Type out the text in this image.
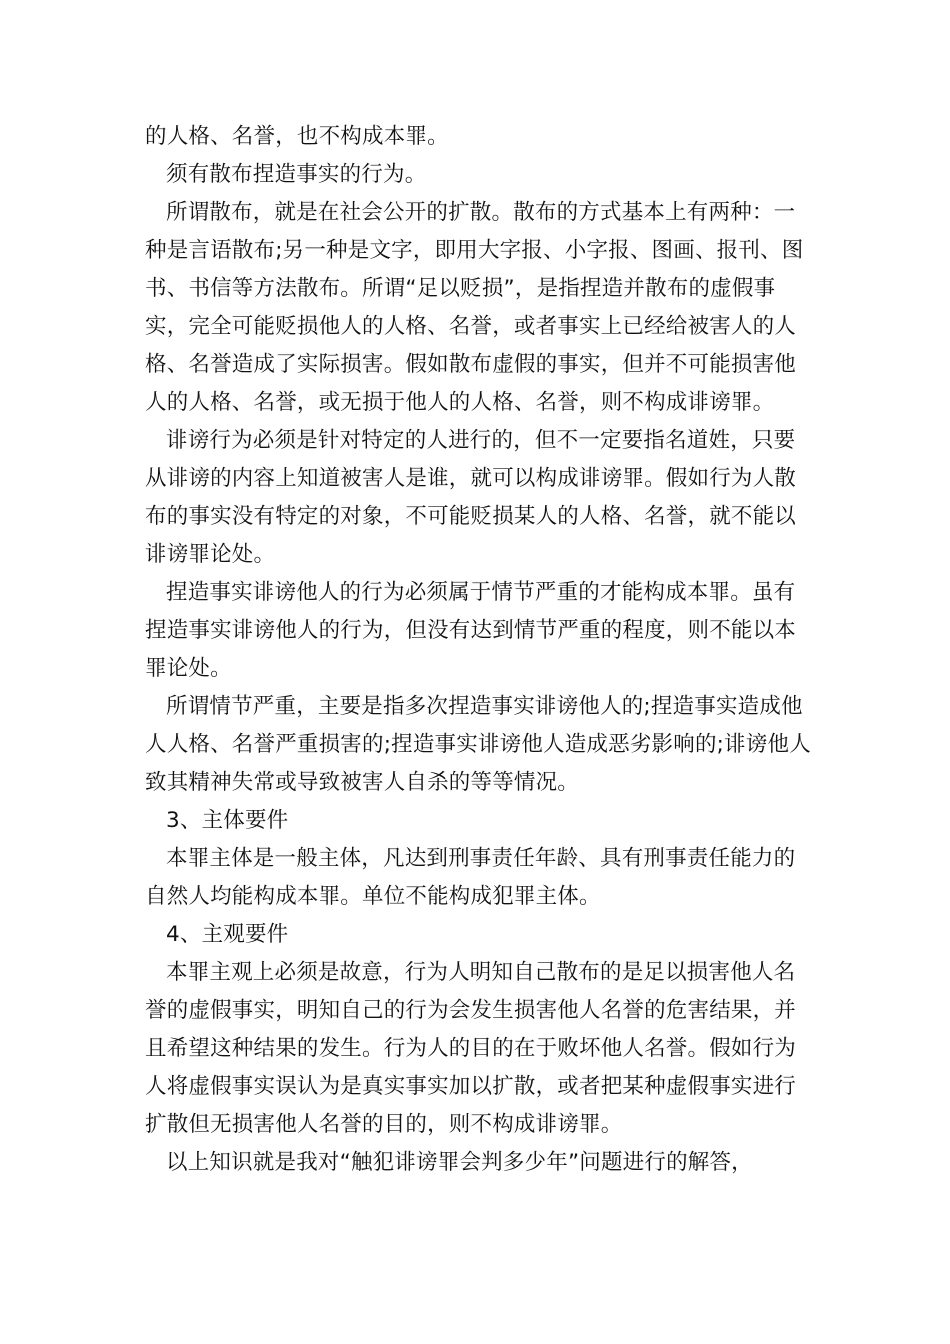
的人格、名誉，也不构成本罪。

须有散布捏造事实的行为。

所谓散布，就是在社会公开的扩散。散布的方式基本上有两种：一种是言语散布;另一种是文字，即用大字报、小字报、图画、报刊、图书、书信等方法散布。所谓“足以贬损”，是指捏造并散布的虚假事实，完全可能贬损他人的人格、名誉，或者事实上已经给被害人的人格、名誉造成了实际损害。假如散布虚假的事实，但并不可能损害他人的人格、名誉，或无损于他人的人格、名誉，则不构成诽谤罪。

诽谤行为必须是针对特定的人进行的，但不一定要指名道姓，只要从诽谤的内容上知道被害人是谁，就可以构成诽谤罪。假如行为人散布的事实没有特定的对象，不可能贬损某人的人格、名誉，就不能以诽谤罪论处。

捏造事实诽谤他人的行为必须属于情节严重的才能构成本罪。虽有捏造事实诽谤他人的行为，但没有达到情节严重的程度，则不能以本罪论处。

所谓情节严重，主要是指多次捏造事实诽谤他人的;捏造事实造成他人人格、名誉严重损害的;捏造事实诽谤他人造成恶劣影响的;诽谤他人致其精神失常或导致被害人自杀的等等情况。

3、主体要件

本罪主体是一般主体，凡达到刑事责任年龄、具有刑事责任能力的自然人均能构成本罪。单位不能构成犯罪主体。

4、主观要件

本罪主观上必须是故意，行为人明知自己散布的是足以损害他人名誉的虚假事实，明知自己的行为会发生损害他人名誉的危害结果，并且希望这种结果的发生。行为人的目的在于败坏他人名誉。假如行为人将虚假事实误认为是真实事实加以扩散，或者把某种虚假事实进行扩散但无损害他人名誉的目的，则不构成诽谤罪。

以上知识就是我对“触犯诽谤罪会判多少年”问题进行的解答，
